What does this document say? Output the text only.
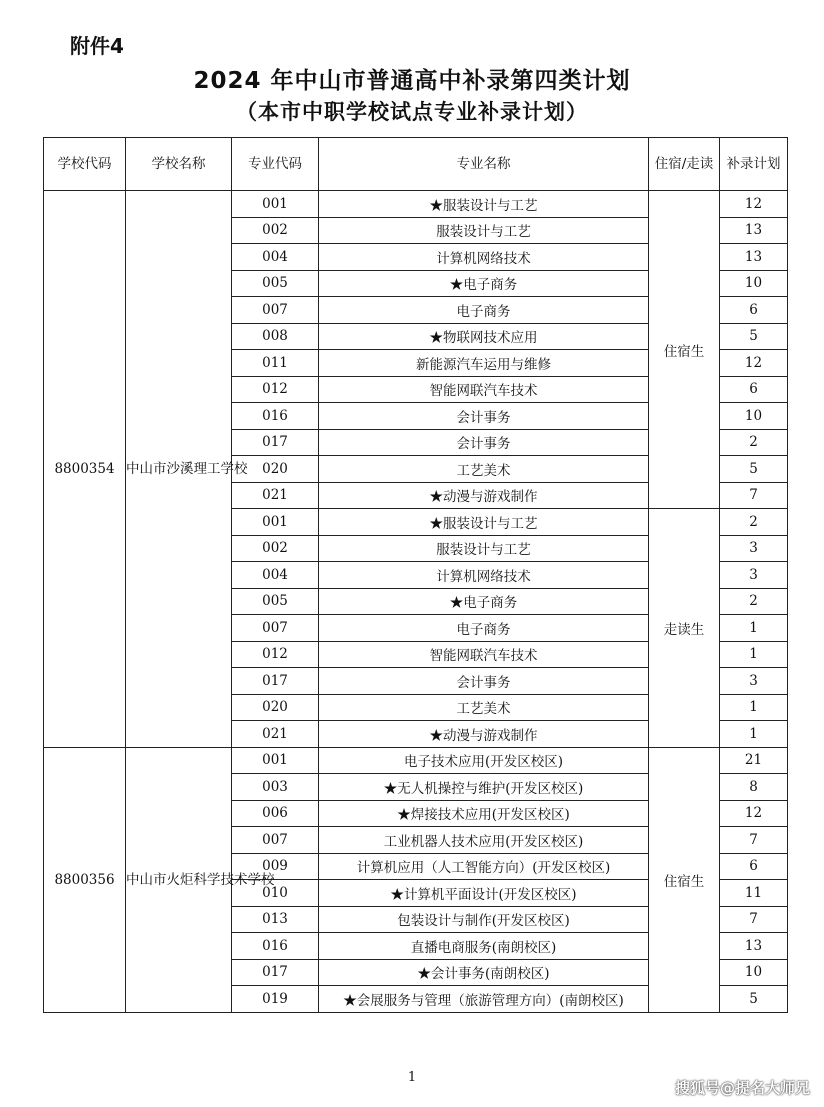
附件4
2024 年中山市普通高中补录第四类计划
（本市中职学校试点专业补录计划）
学校代码	学校名称	专业代码	专业名称	住宿/走读	补录计划
8800354	中山市沙溪理工学校	001	★服装设计与工艺	住宿生	12
		002	服装设计与工艺		13
		004	计算机网络技术		13
		005	★电子商务		10
		007	电子商务		6
		008	★物联网技术应用		5
		011	新能源汽车运用与维修		12
		012	智能网联汽车技术		6
		016	会计事务		10
		017	会计事务		2
		020	工艺美术		5
		021	★动漫与游戏制作		7
		001	★服装设计与工艺	走读生	2
		002	服装设计与工艺		3
		004	计算机网络技术		3
		005	★电子商务		2
		007	电子商务		1
		012	智能网联汽车技术		1
		017	会计事务		3
		020	工艺美术		1
		021	★动漫与游戏制作		1
8800356	中山市火炬科学技术学校	001	电子技术应用(开发区校区)	住宿生	21
		003	★无人机操控与维护(开发区校区)		8
		006	★焊接技术应用(开发区校区)		12
		007	工业机器人技术应用(开发区校区)		7
		009	计算机应用（人工智能方向）(开发区校区)		6
		010	★计算机平面设计(开发区校区)		11
		013	包装设计与制作(开发区校区)		7
		016	直播电商服务(南朗校区)		13
		017	★会计事务(南朗校区)		10
		019	★会展服务与管理（旅游管理方向）(南朗校区)		5
1
搜狐号@提名大师兄
